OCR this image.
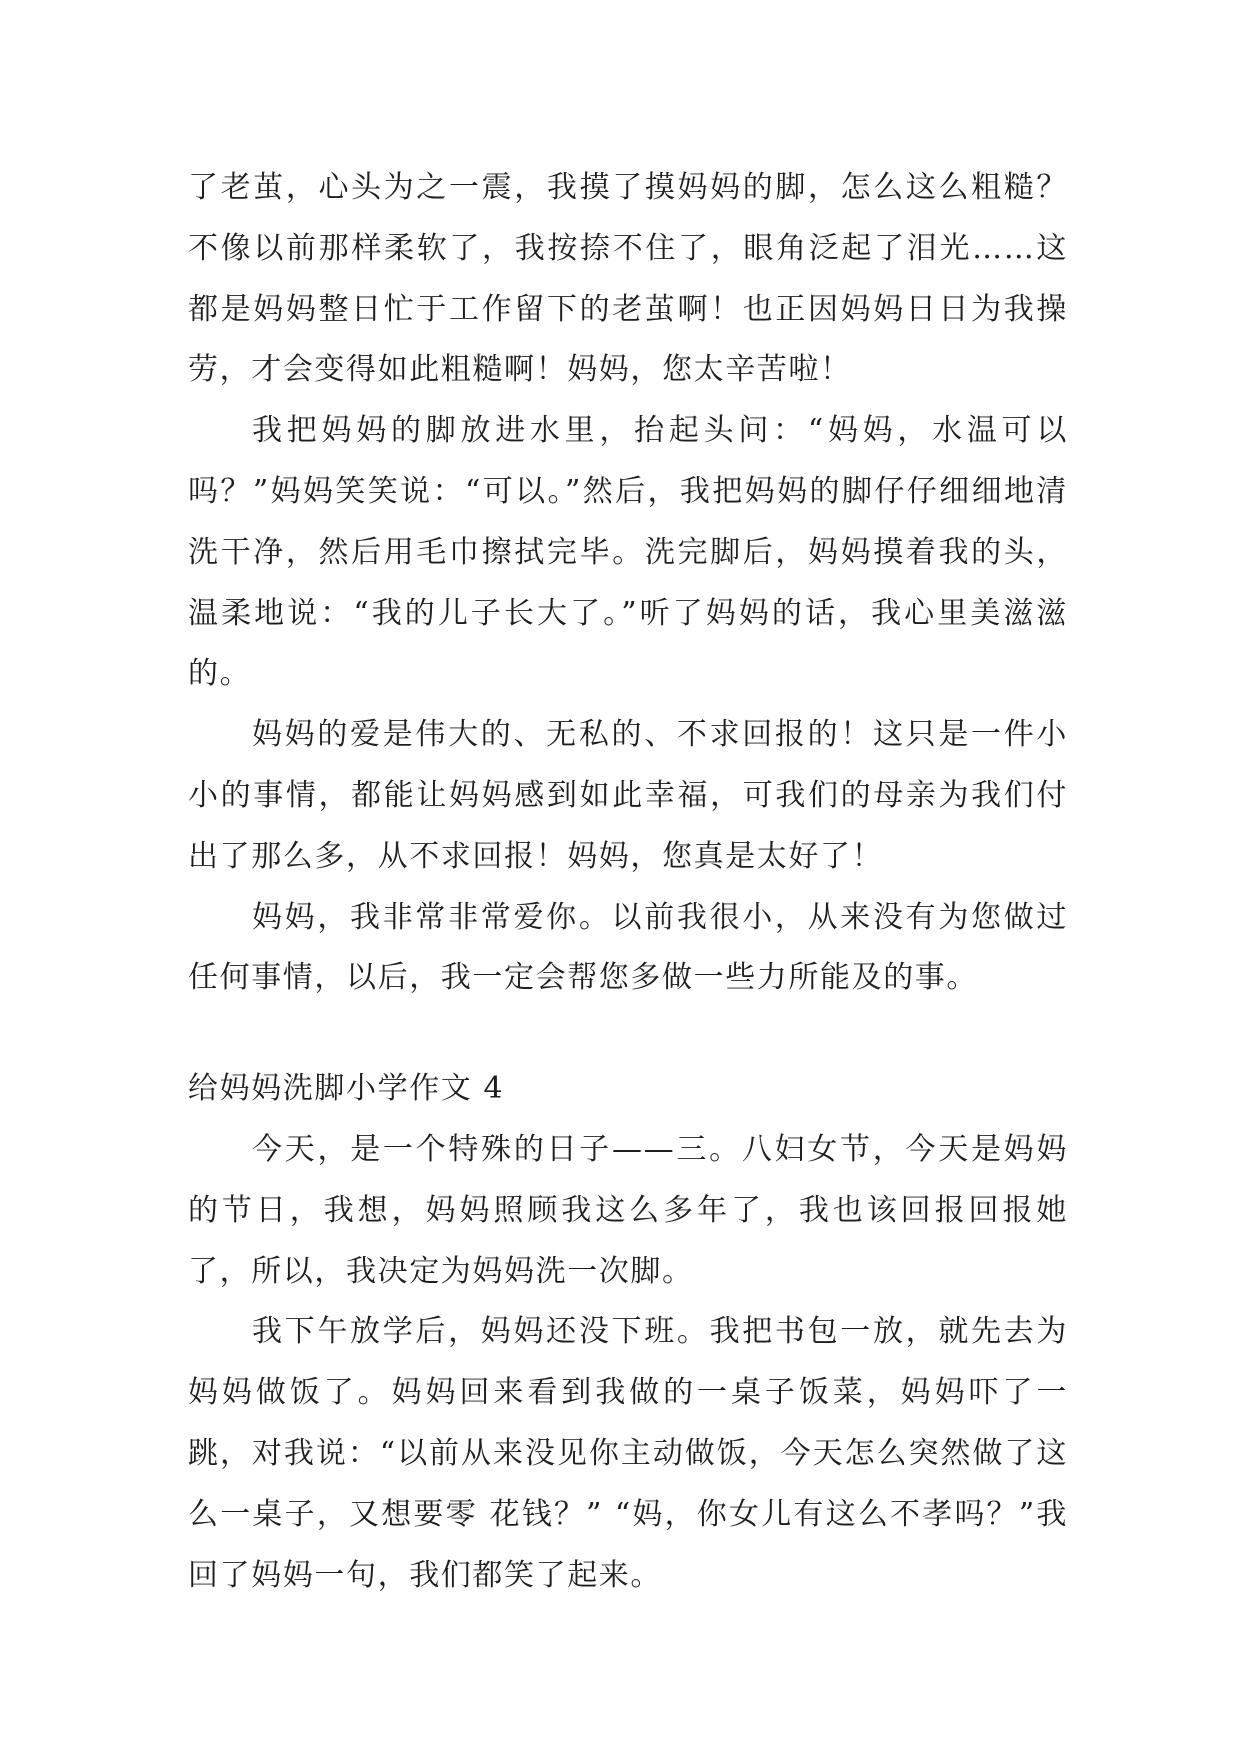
了老茧，心头为之一震，我摸了摸妈妈的脚，怎么这么粗糙？不像以前那样柔软了，我按捺不住了，眼角泛起了泪光……这都是妈妈整日忙于工作留下的老茧啊！也正因妈妈日日为我操劳，才会变得如此粗糙啊！妈妈，您太辛苦啦！

我把妈妈的脚放进水里，抬起头问：“妈妈，水温可以吗？”妈妈笑笑说：“可以。”然后，我把妈妈的脚仔仔细细地清洗干净，然后用毛巾擦拭完毕。洗完脚后，妈妈摸着我的头，温柔地说：“我的儿子长大了。”听了妈妈的话，我心里美滋滋的。

妈妈的爱是伟大的、无私的、不求回报的！这只是一件小小的事情，都能让妈妈感到如此幸福，可我们的母亲为我们付出了那么多，从不求回报！妈妈，您真是太好了！

妈妈，我非常非常爱你。以前我很小，从来没有为您做过任何事情，以后，我一定会帮您多做一些力所能及的事。

给妈妈洗脚小学作文 4

今天，是一个特殊的日子——三。八妇女节，今天是妈妈的节日，我想，妈妈照顾我这么多年了，我也该回报回报她了，所以，我决定为妈妈洗一次脚。

我下午放学后，妈妈还没下班。我把书包一放，就先去为妈妈做饭了。妈妈回来看到我做的一桌子饭菜，妈妈吓了一跳，对我说：“以前从来没见你主动做饭，今天怎么突然做了这么一桌子，又想要零 花钱？” “妈，你女儿有这么不孝吗？”我回了妈妈一句，我们都笑了起来。
